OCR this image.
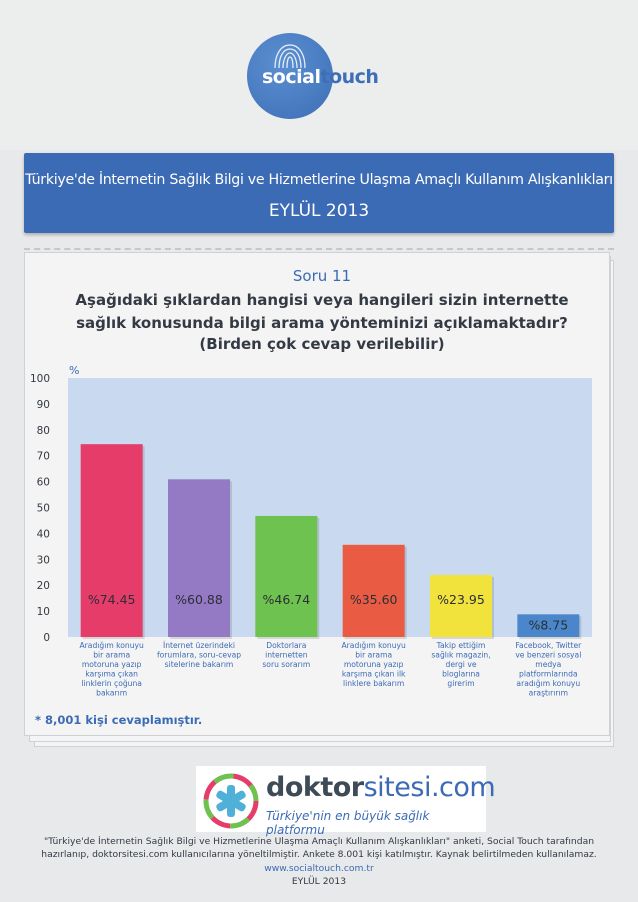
socialtouch
Türkiye'de İnternetin Sağlık Bilgi ve Hizmetlerine Ulaşma Amaçlı Kullanım Alışkanlıkları
EYLÜL 2013
Soru 11
Aşağıdaki şıklardan hangisi veya hangileri sizin internette
sağlık konusunda bilgi arama yönteminizi açıklamaktadır?
(Birden çok cevap verilebilir)
* 8,001 kişi cevaplamıştır.
0
10
20
30
40
50
60
70
80
90
100
%
%74.45
Aradığım konuyu
bir arama
motoruna yazıp
karşıma çıkan
linklerin çoğuna
bakarım
%60.88
İnternet üzerindeki
forumlara, soru-cevap
sitelerine bakarım
%46.74
Doktorlara
internetten
soru sorarım
%35.60
Aradığım konuyu
bir arama
motoruna yazıp
karşıma çıkan ilk
linklere bakarım
%23.95
Takip ettiğim
sağlık magazin,
dergi ve
bloglarına
girerim
%8.75
Facebook, Twitter
ve benzeri sosyal
medya
platformlarında
aradığım konuyu
araştırırım
doktorsitesi.com
Türkiye'nin en büyük sağlık platformu
"Türkiye'de İnternetin Sağlık Bilgi ve Hizmetlerine Ulaşma Amaçlı Kullanım Alışkanlıkları" anketi, Social Touch tarafından
hazırlanıp, doktorsitesi.com kullanıcılarına yöneltilmiştir. Ankete 8.001 kişi katılmıştır. Kaynak belirtilmeden kullanılamaz.
www.socialtouch.com.tr
EYLÜL 2013
